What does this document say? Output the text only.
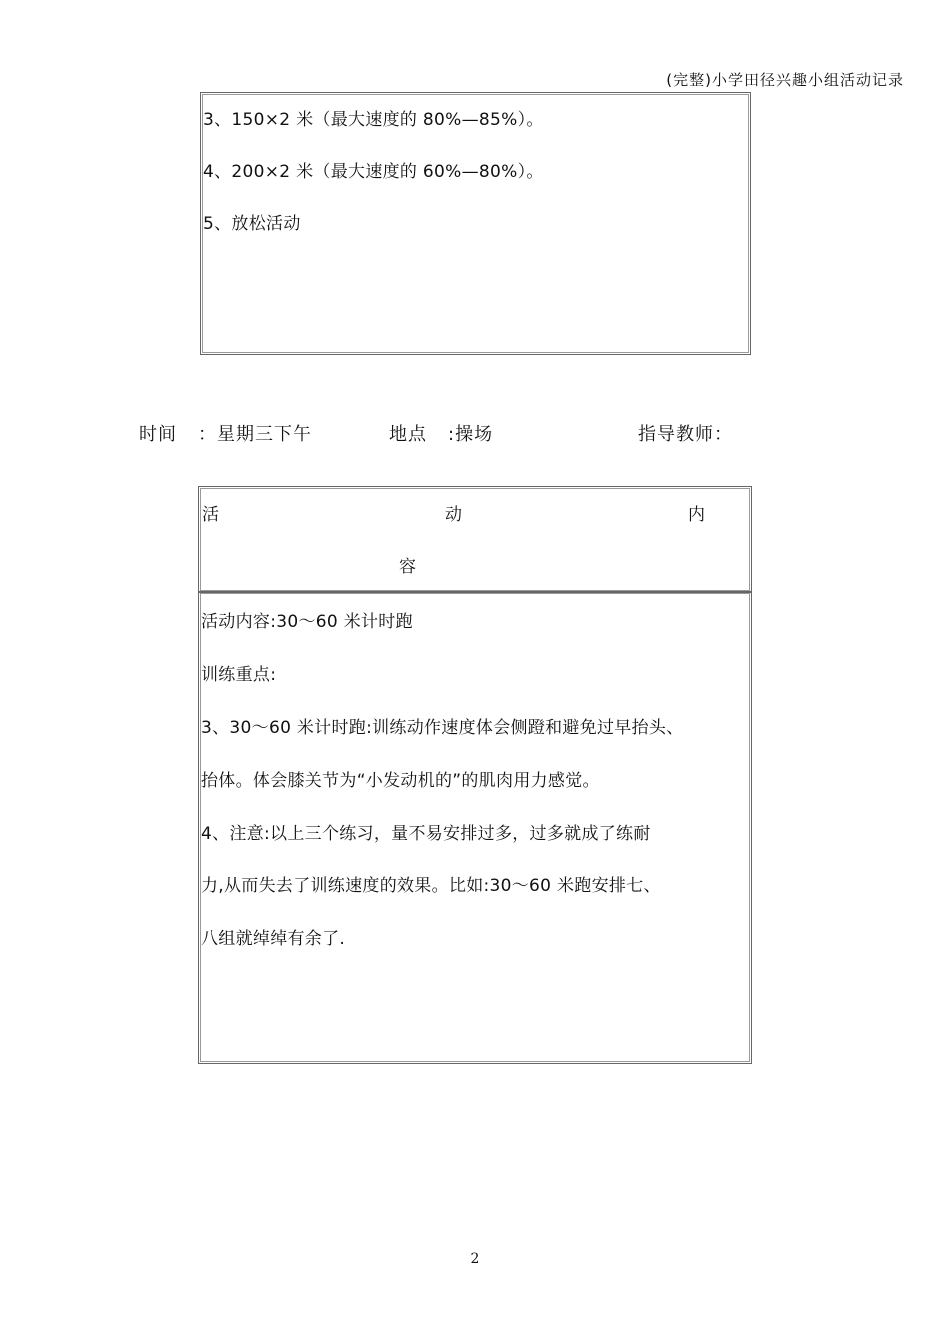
(完整)小学田径兴趣小组活动记录
3、150×2 米（最大速度的 80%—85%）。
4、200×2 米（最大速度的 60%—80%）。
5、放松活动
时间 ：星期三下午	地点 :操场	指导教师：
活	动	内
容
活动内容:30～60 米计时跑
训练重点:
3、30～60 米计时跑:训练动作速度体会侧蹬和避免过早抬头、
抬体。体会膝关节为“小发动机的”的肌肉用力感觉。
4、注意:以上三个练习，量不易安排过多，过多就成了练耐
力,从而失去了训练速度的效果。比如:30～60 米跑安排七、
八组就绰绰有余了.
2
